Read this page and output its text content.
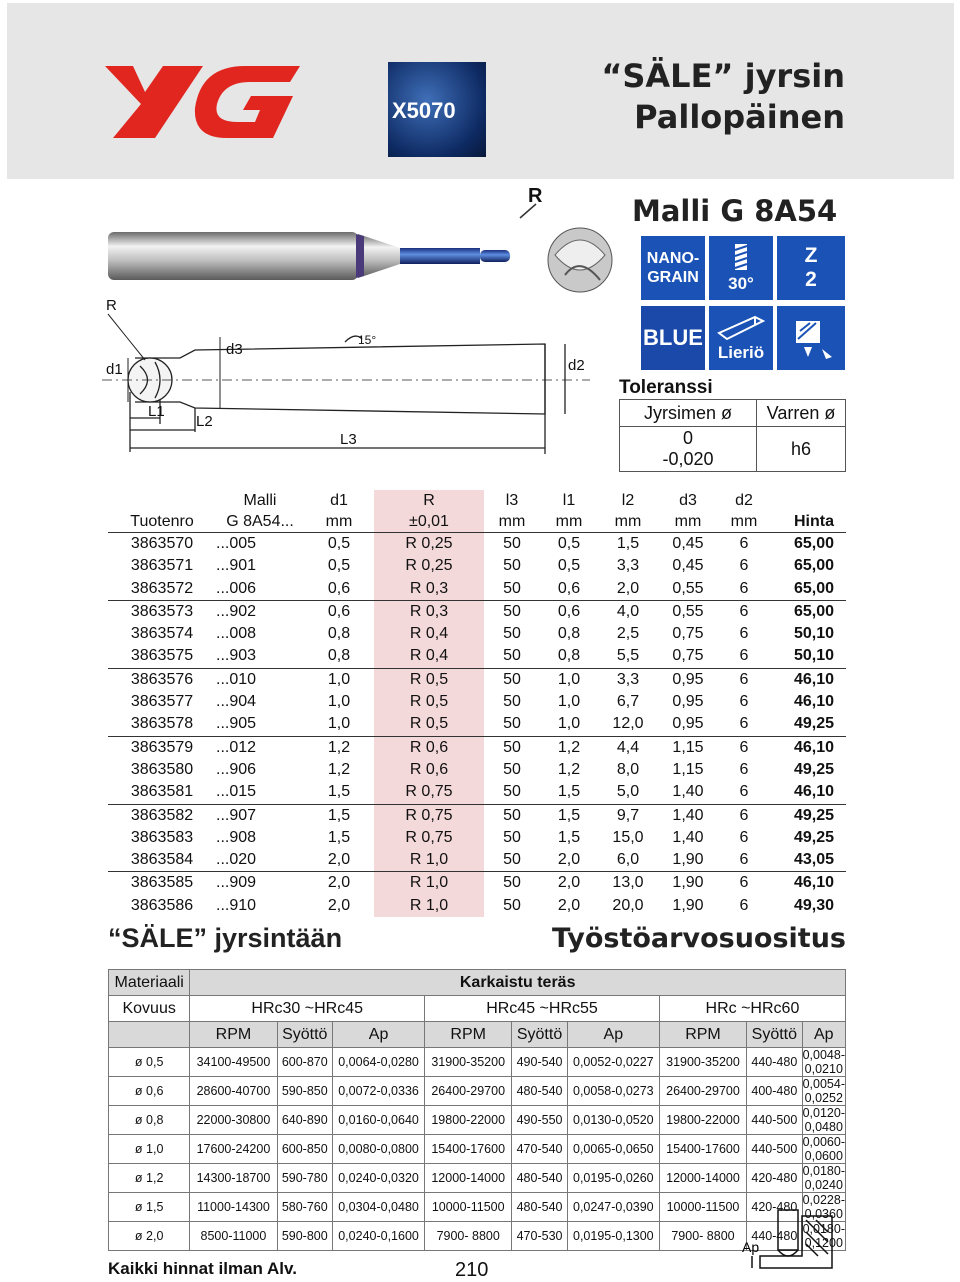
X5070
“SÄLE” jyrsin
Pallopäinen
Malli G 8A54
R
R
d3
15°
d1
L1
L2
L3
d2
NANO-
GRAIN 30°
Z
2
BLUE
Lieriö
Toleranssi
Jyrsimen ø	Varren ø

0
-0,020	h6
	Malli	d1	R	l3	l1	l2	d3	d2	
Tuotenro	G 8A54...	mm	±0,01	mm	mm	mm	mm	mm	Hinta
3863570	...005	0,5	R 0,25	50	0,5	1,5	0,45	6	65,00
3863571	...901	0,5	R 0,25	50	0,5	3,3	0,45	6	65,00
3863572	...006	0,6	R 0,3	50	0,6	2,0	0,55	6	65,00
3863573	...902	0,6	R 0,3	50	0,6	4,0	0,55	6	65,00
3863574	...008	0,8	R 0,4	50	0,8	2,5	0,75	6	50,10
3863575	...903	0,8	R 0,4	50	0,8	5,5	0,75	6	50,10
3863576	...010	1,0	R 0,5	50	1,0	3,3	0,95	6	46,10
3863577	...904	1,0	R 0,5	50	1,0	6,7	0,95	6	46,10
3863578	...905	1,0	R 0,5	50	1,0	12,0	0,95	6	49,25
3863579	...012	1,2	R 0,6	50	1,2	4,4	1,15	6	46,10
3863580	...906	1,2	R 0,6	50	1,2	8,0	1,15	6	49,25
3863581	...015	1,5	R 0,75	50	1,5	5,0	1,40	6	46,10
3863582	...907	1,5	R 0,75	50	1,5	9,7	1,40	6	49,25
3863583	...908	1,5	R 0,75	50	1,5	15,0	1,40	6	49,25
3863584	...020	2,0	R 1,0	50	2,0	6,0	1,90	6	43,05
3863585	...909	2,0	R 1,0	50	2,0	13,0	1,90	6	46,10
3863586	...910	2,0	R 1,0	50	2,0	20,0	1,90	6	49,30
“SÄLE” jyrsintään	Työstöarvosuositus
Materiaali	Karkaistu teräs								
Kovuus	HRc30 ~HRc45			HRc45 ~HRc55			HRc ~HRc60		
	RPM	Syöttö	Ap	RPM	Syöttö	Ap	RPM	Syöttö	Ap
ø 0,5	34100-49500	600-870	0,0064-0,0280	31900-35200	490-540	0,0052-0,0227	31900-35200	440-480	0,0048-0,0210
ø 0,6	28600-40700	590-850	0,0072-0,0336	26400-29700	480-540	0,0058-0,0273	26400-29700	400-480	0,0054-0,0252
ø 0,8	22000-30800	640-890	0,0160-0,0640	19800-22000	490-550	0,0130-0,0520	19800-22000	440-500	0,0120-0,0480
ø 1,0	17600-24200	600-850	0,0080-0,0800	15400-17600	470-540	0,0065-0,0650	15400-17600	440-500	0,0060-0,0600
ø 1,2	14300-18700	590-780	0,0240-0,0320	12000-14000	480-540	0,0195-0,0260	12000-14000	420-480	0,0180-0,0240
ø 1,5	11000-14300	580-760	0,0304-0,0480	10000-11500	480-540	0,0247-0,0390	10000-11500	420-480	0,0228-0,0360
ø 2,0	8500-11000	590-800	0,0240-0,1600	7900- 8800	470-530	0,0195-0,1300	7900- 8800	440-480	0,0180-0,1200
Ap
Kaikki hinnat ilman Alv.	210
